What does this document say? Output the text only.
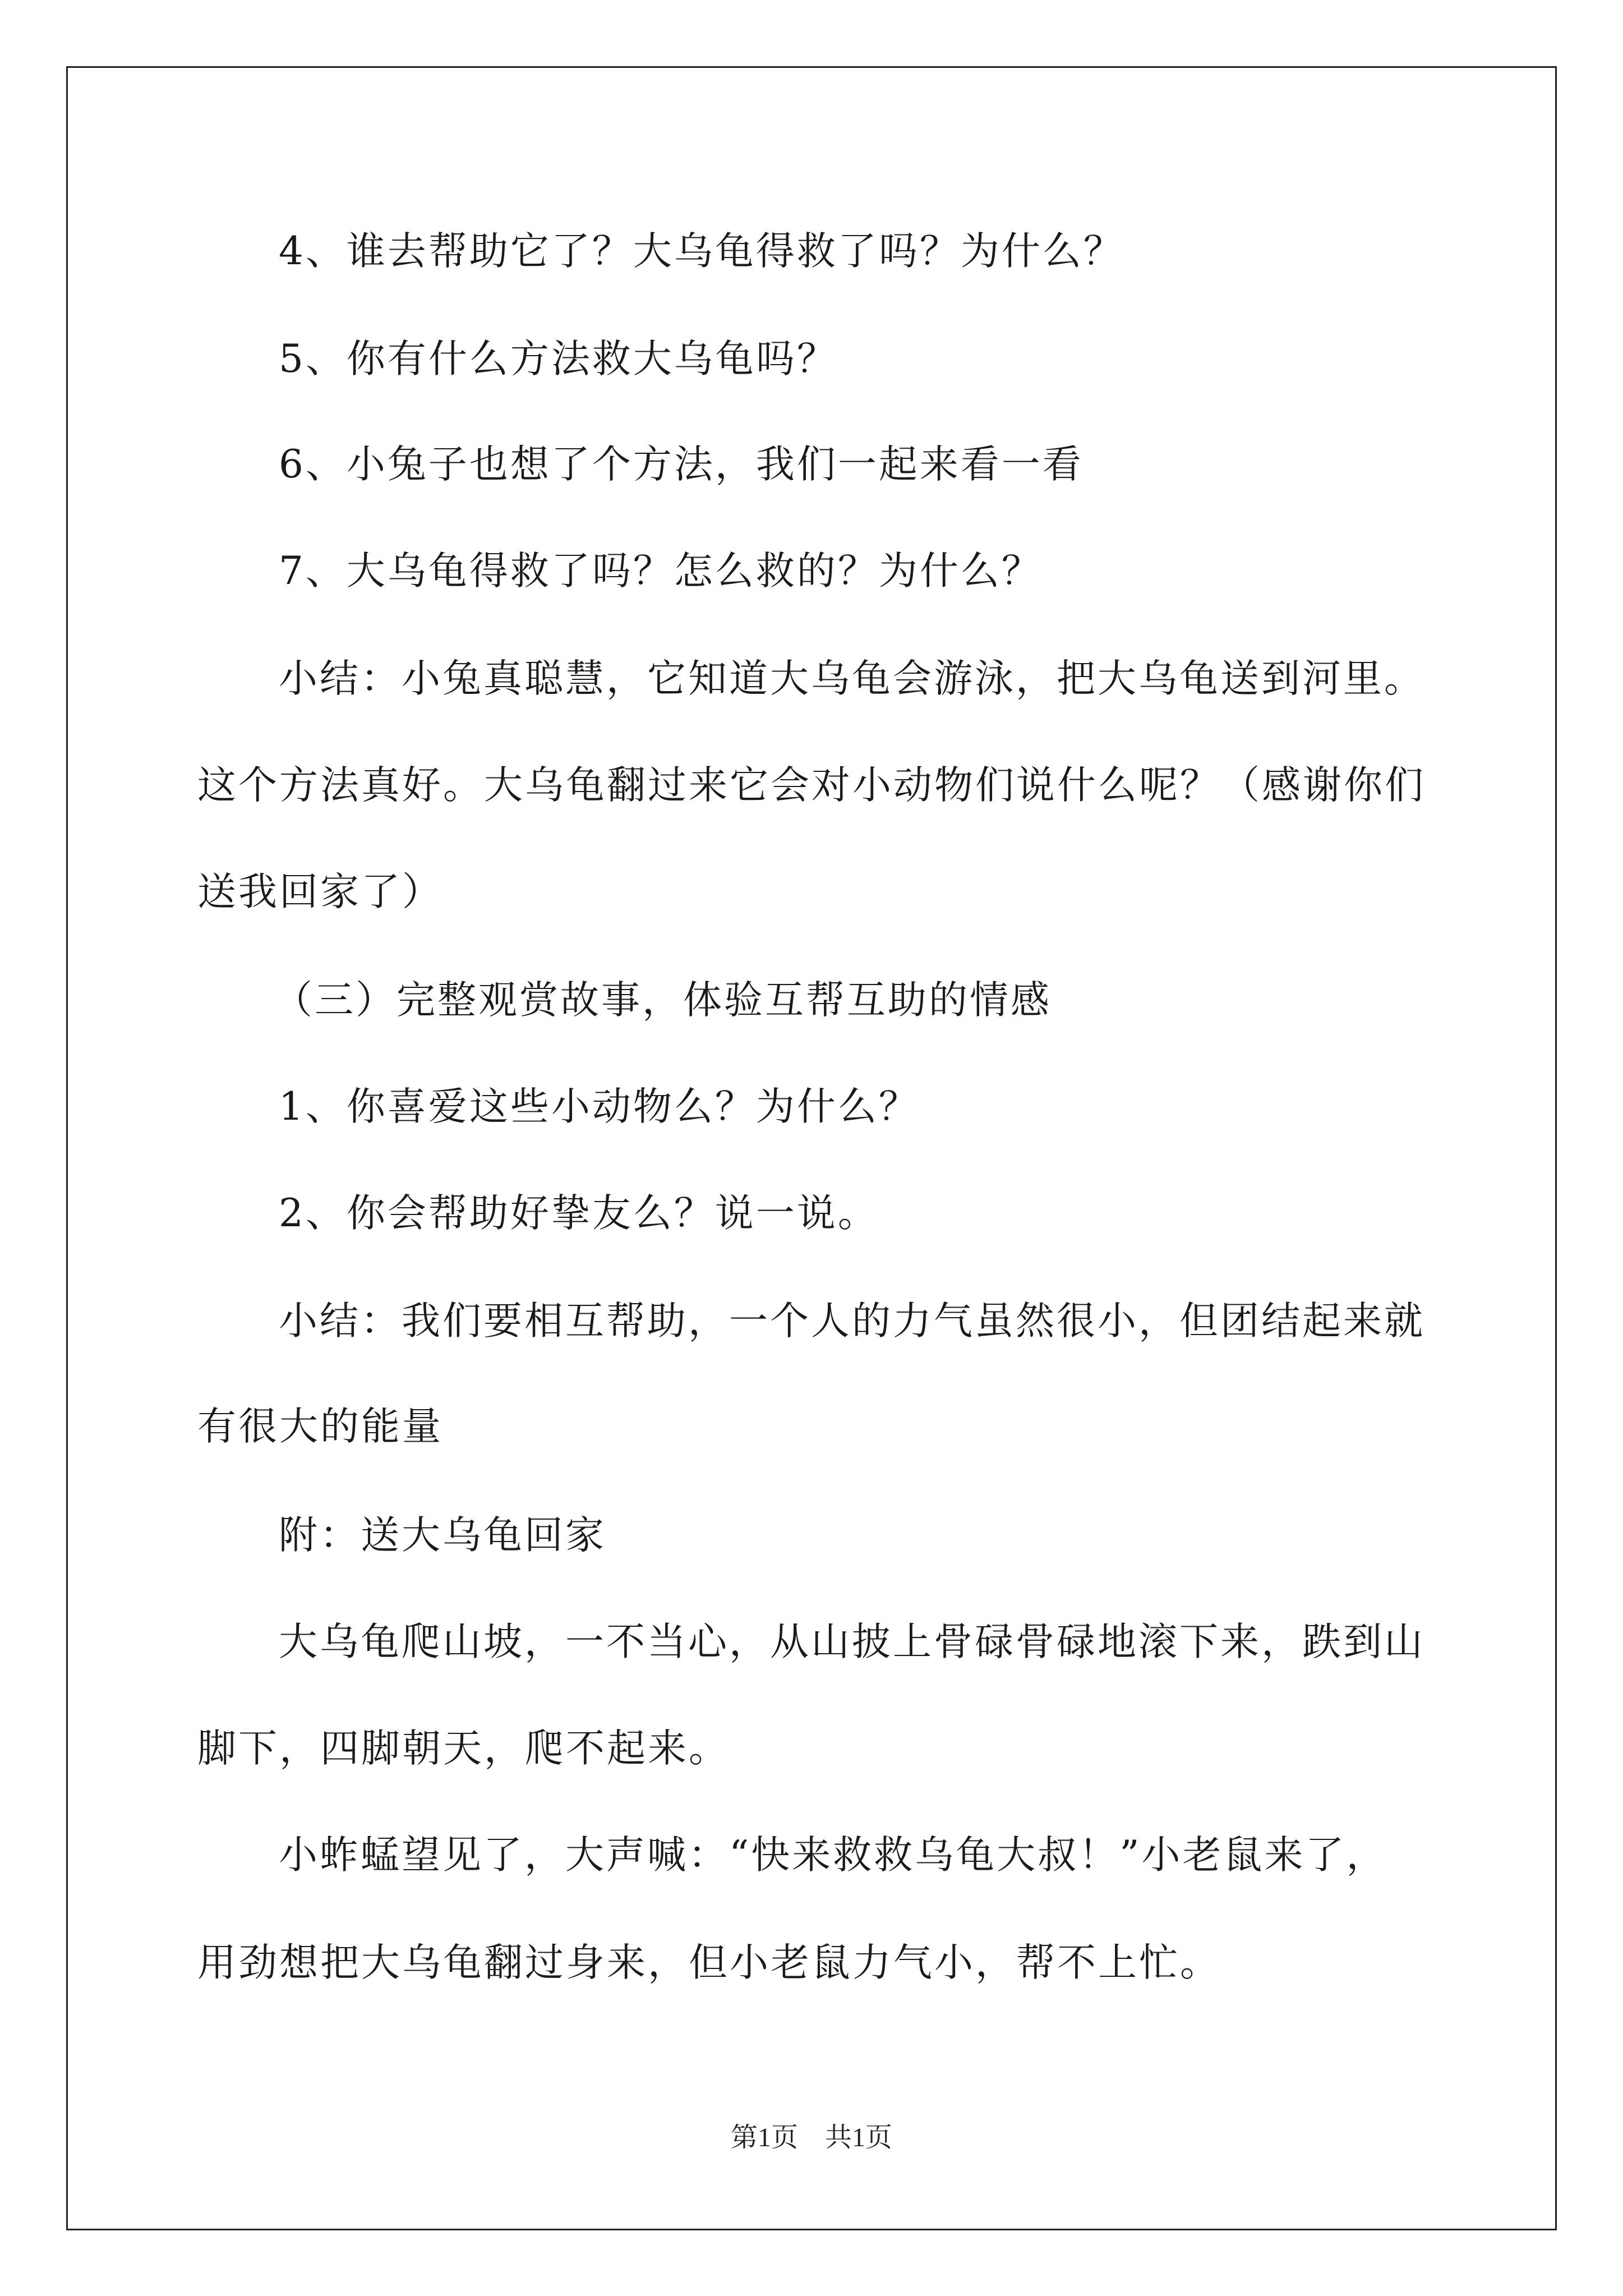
4、谁去帮助它了？大乌龟得救了吗？为什么？
5、你有什么方法救大乌龟吗？
6、小兔子也想了个方法，我们一起来看一看
7、大乌龟得救了吗？怎么救的？为什么？
小结：小兔真聪慧，它知道大乌龟会游泳，把大乌龟送到河里。
这个方法真好。大乌龟翻过来它会对小动物们说什么呢？（感谢你们
送我回家了）
（三）完整观赏故事，体验互帮互助的情感
1、你喜爱这些小动物么？为什么？
2、你会帮助好挚友么？说一说。
小结：我们要相互帮助，一个人的力气虽然很小，但团结起来就
有很大的能量
附：送大乌龟回家
大乌龟爬山坡，一不当心，从山披上骨碌骨碌地滚下来，跌到山
脚下，四脚朝天，爬不起来。
小蚱蜢望见了，大声喊：“快来救救乌龟大叔！”小老鼠来了，
用劲想把大乌龟翻过身来，但小老鼠力气小，帮不上忙。
第1页 共1页
